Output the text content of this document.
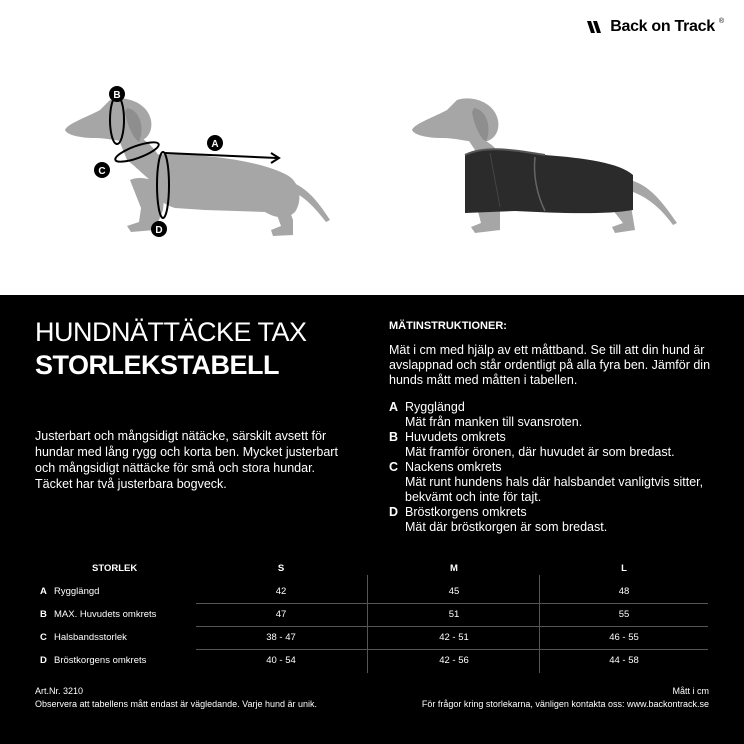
Back on Track ®
B
A
C
D
HUNDNÄTTÄCKE TAX
STORLEKSTABELL
Justerbart och mångsidigt nätäcke, särskilt avsett för hundar med lång rygg och korta ben. Mycket justerbart och mångsidigt nättäcke för små och stora hundar. Täcket har två justerbara bogveck.
MÄTINSTRUKTIONER:
Mät i cm med hjälp av ett måttband. Se till att din hund är avslappnad och står ordentligt på alla fyra ben. Jämför din hunds mått med måtten i tabellen.
A Rygglängd
Mät från manken till svansroten.
B Huvudets omkrets
Mät framför öronen, där huvudet är som bredast.
C Nackens omkrets
Mät runt hundens hals där halsbandet vanligtvis sitter, bekvämt och inte för tajt.
D Bröstkorgens omkrets
Mät där bröstkorgen är som bredast.
STORLEK	S	M	L
A Rygglängd	42	45	48
B MAX. Huvudets omkrets	47	51	55
C Halsbandsstorlek	38 - 47	42 - 51	46 - 55
D Bröstkorgens omkrets	40 - 54	42 - 56	44 - 58
Art.Nr. 3210
Observera att tabellens mått endast är vägledande. Varje hund är unik.
Mått i cm
För frågor kring storlekarna, vänligen kontakta oss: www.backontrack.se
